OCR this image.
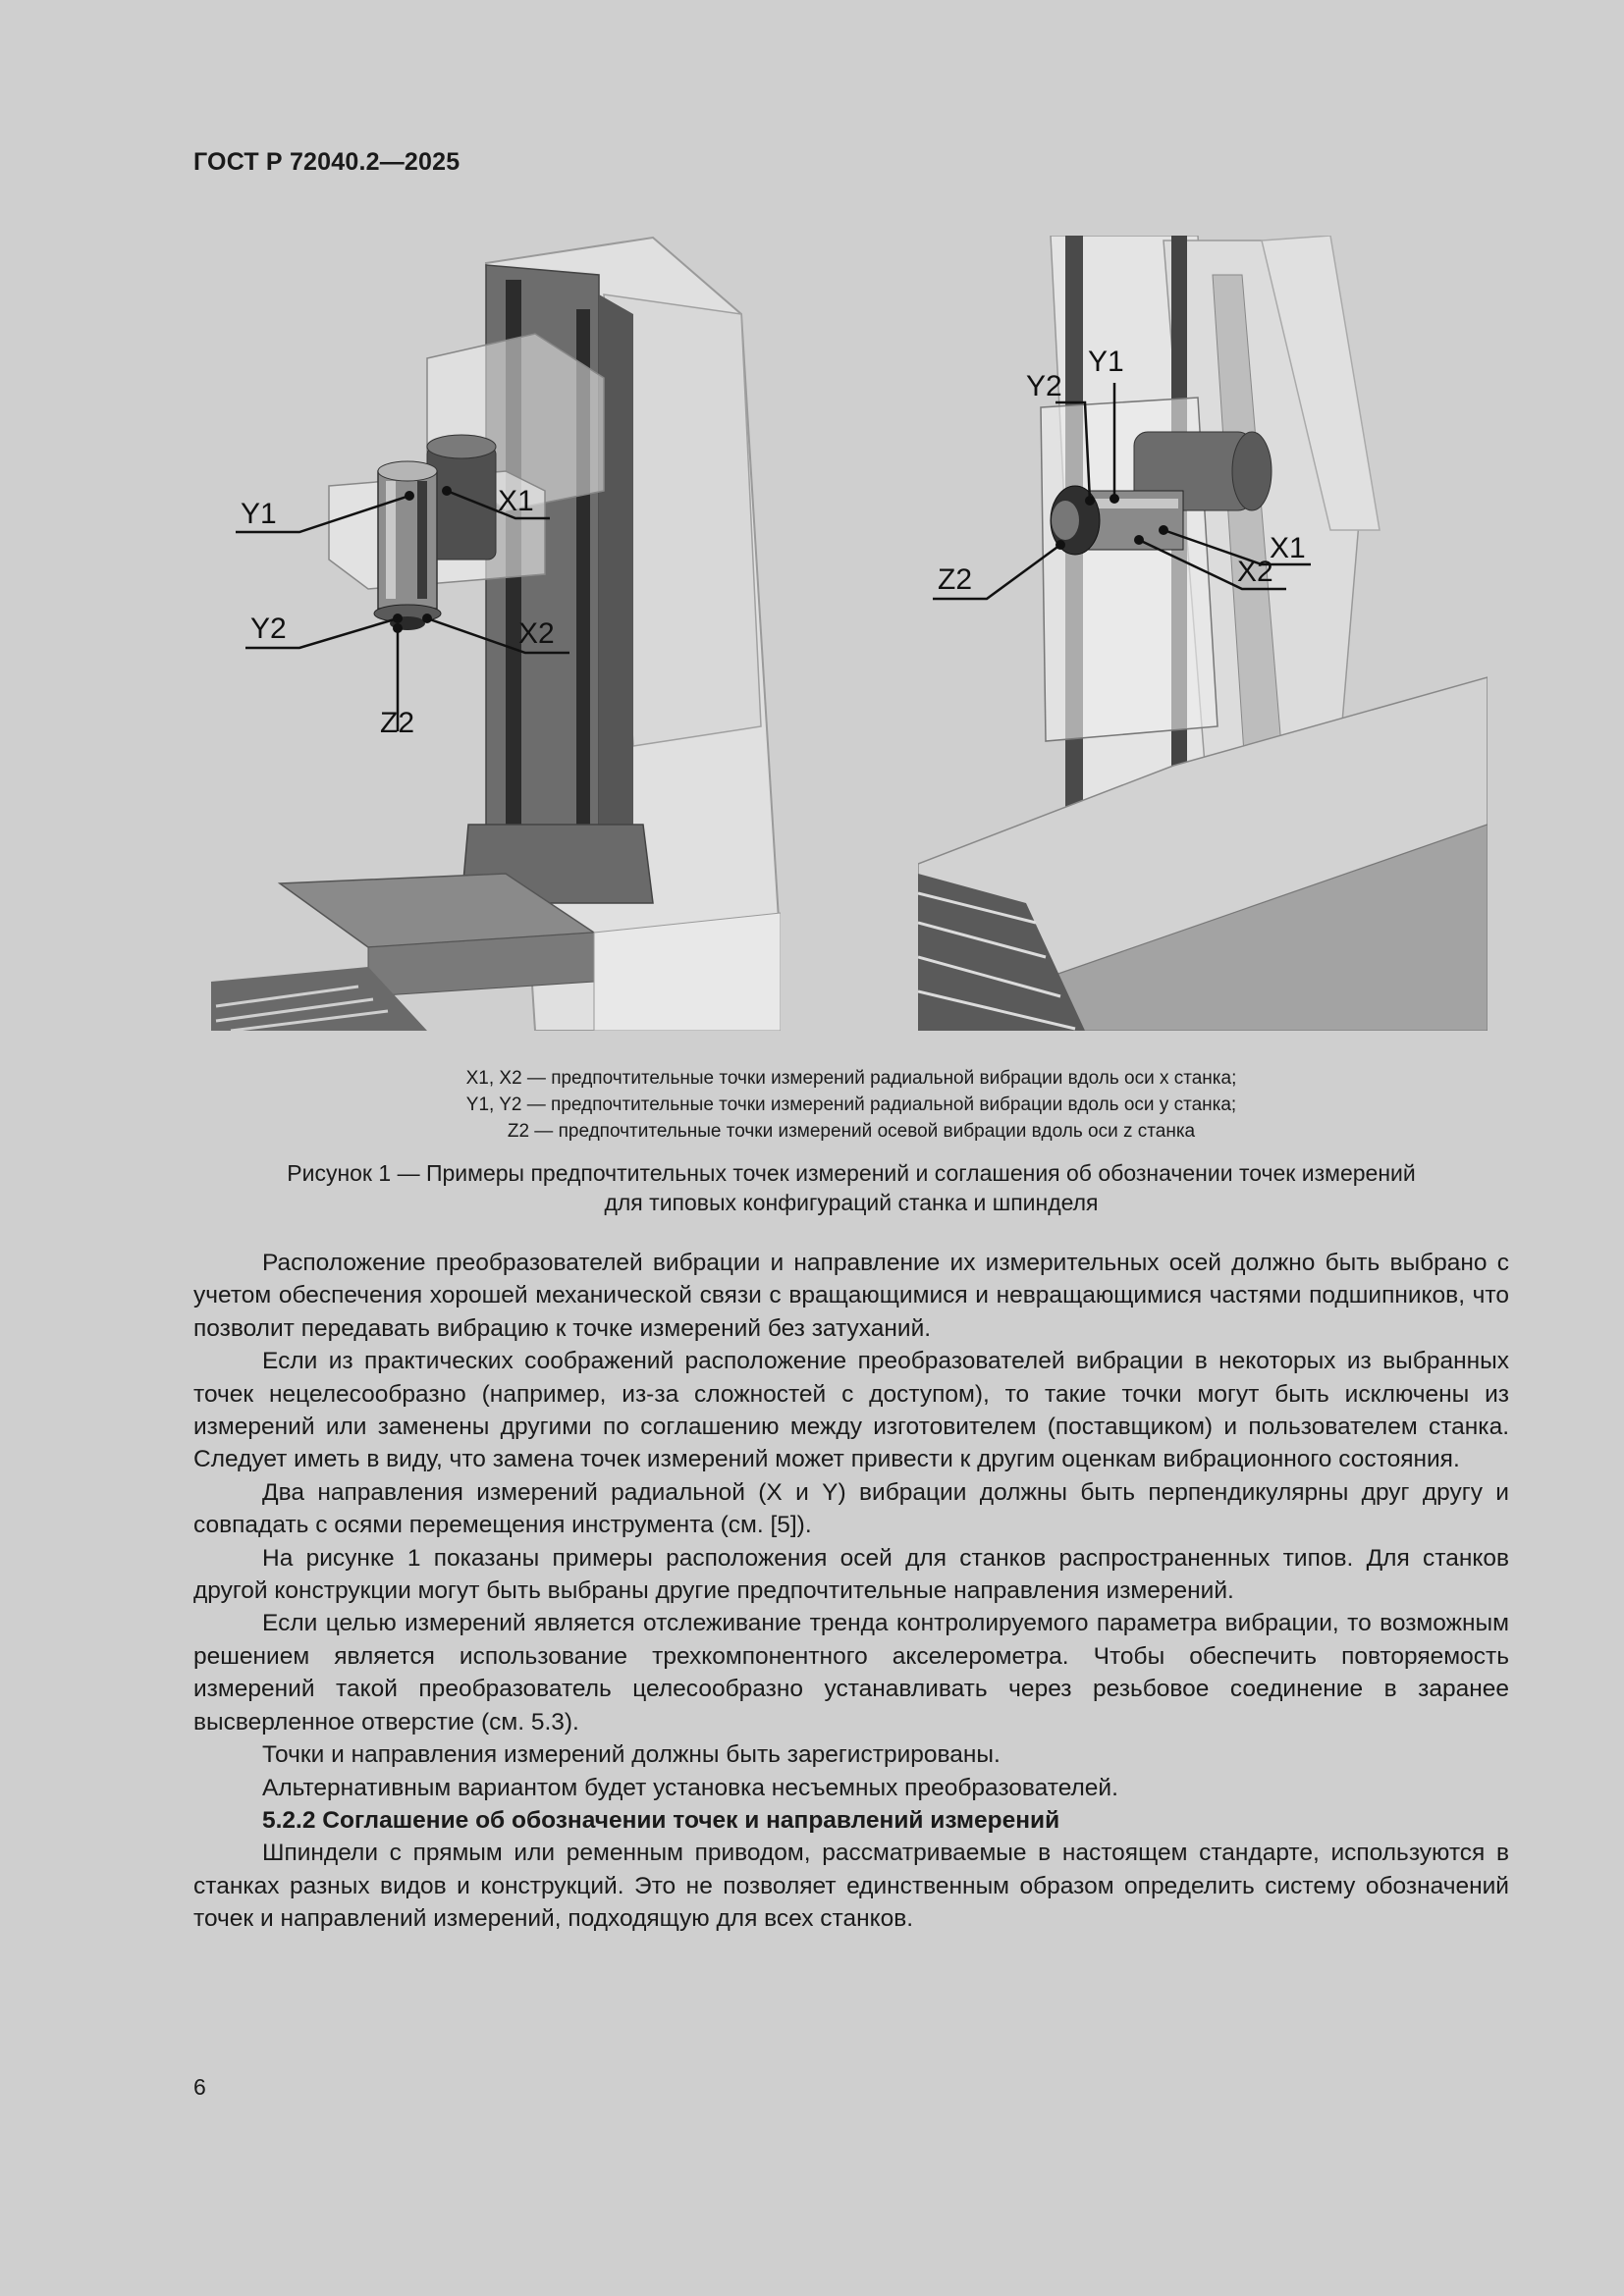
ГОСТ Р 72040.2—2025
Y1	X1
Y2	X2
Z2
Y1
Y2
X1
X2
Z2
X1, X2 — предпочтительные точки измерений радиальной вибрации вдоль оси x станка;
Y1, Y2 — предпочтительные точки измерений радиальной вибрации вдоль оси y станка;
Z2 — предпочтительные точки измерений осевой вибрации вдоль оси z станка
Рисунок 1 — Примеры предпочтительных точек измерений и соглашения об обозначении точек измерений
для типовых конфигураций станка и шпинделя

Расположение преобразователей вибрации и направление их измерительных осей должно быть выбрано с учетом обеспечения хорошей механической связи с вращающимися и невращающимися частями подшипников, что позволит передавать вибрацию к точке измерений без затуханий.

Если из практических соображений расположение преобразователей вибрации в некоторых из выбранных точек нецелесообразно (например, из-за сложностей с доступом), то такие точки могут быть исключены из измерений или заменены другими по соглашению между изготовителем (поставщиком) и пользователем станка. Следует иметь в виду, что замена точек измерений может привести к другим оценкам вибрационного состояния.

Два направления измерений радиальной (X и Y) вибрации должны быть перпендикулярны друг другу и совпадать с осями перемещения инструмента (см. [5]).

На рисунке 1 показаны примеры расположения осей для станков распространенных типов. Для станков другой конструкции могут быть выбраны другие предпочтительные направления измерений.

Если целью измерений является отслеживание тренда контролируемого параметра вибрации, то возможным решением является использование трехкомпонентного акселерометра. Чтобы обеспечить повторяемость измерений такой преобразователь целесообразно устанавливать через резьбовое соединение в заранее высверленное отверстие (см. 5.3).

Точки и направления измерений должны быть зарегистрированы.

Альтернативным вариантом будет установка несъемных преобразователей.

5.2.2 Соглашение об обозначении точек и направлений измерений

Шпиндели с прямым или ременным приводом, рассматриваемые в настоящем стандарте, используются в станках разных видов и конструкций. Это не позволяет единственным образом определить систему обозначений точек и направлений измерений, подходящую для всех станков.

6
